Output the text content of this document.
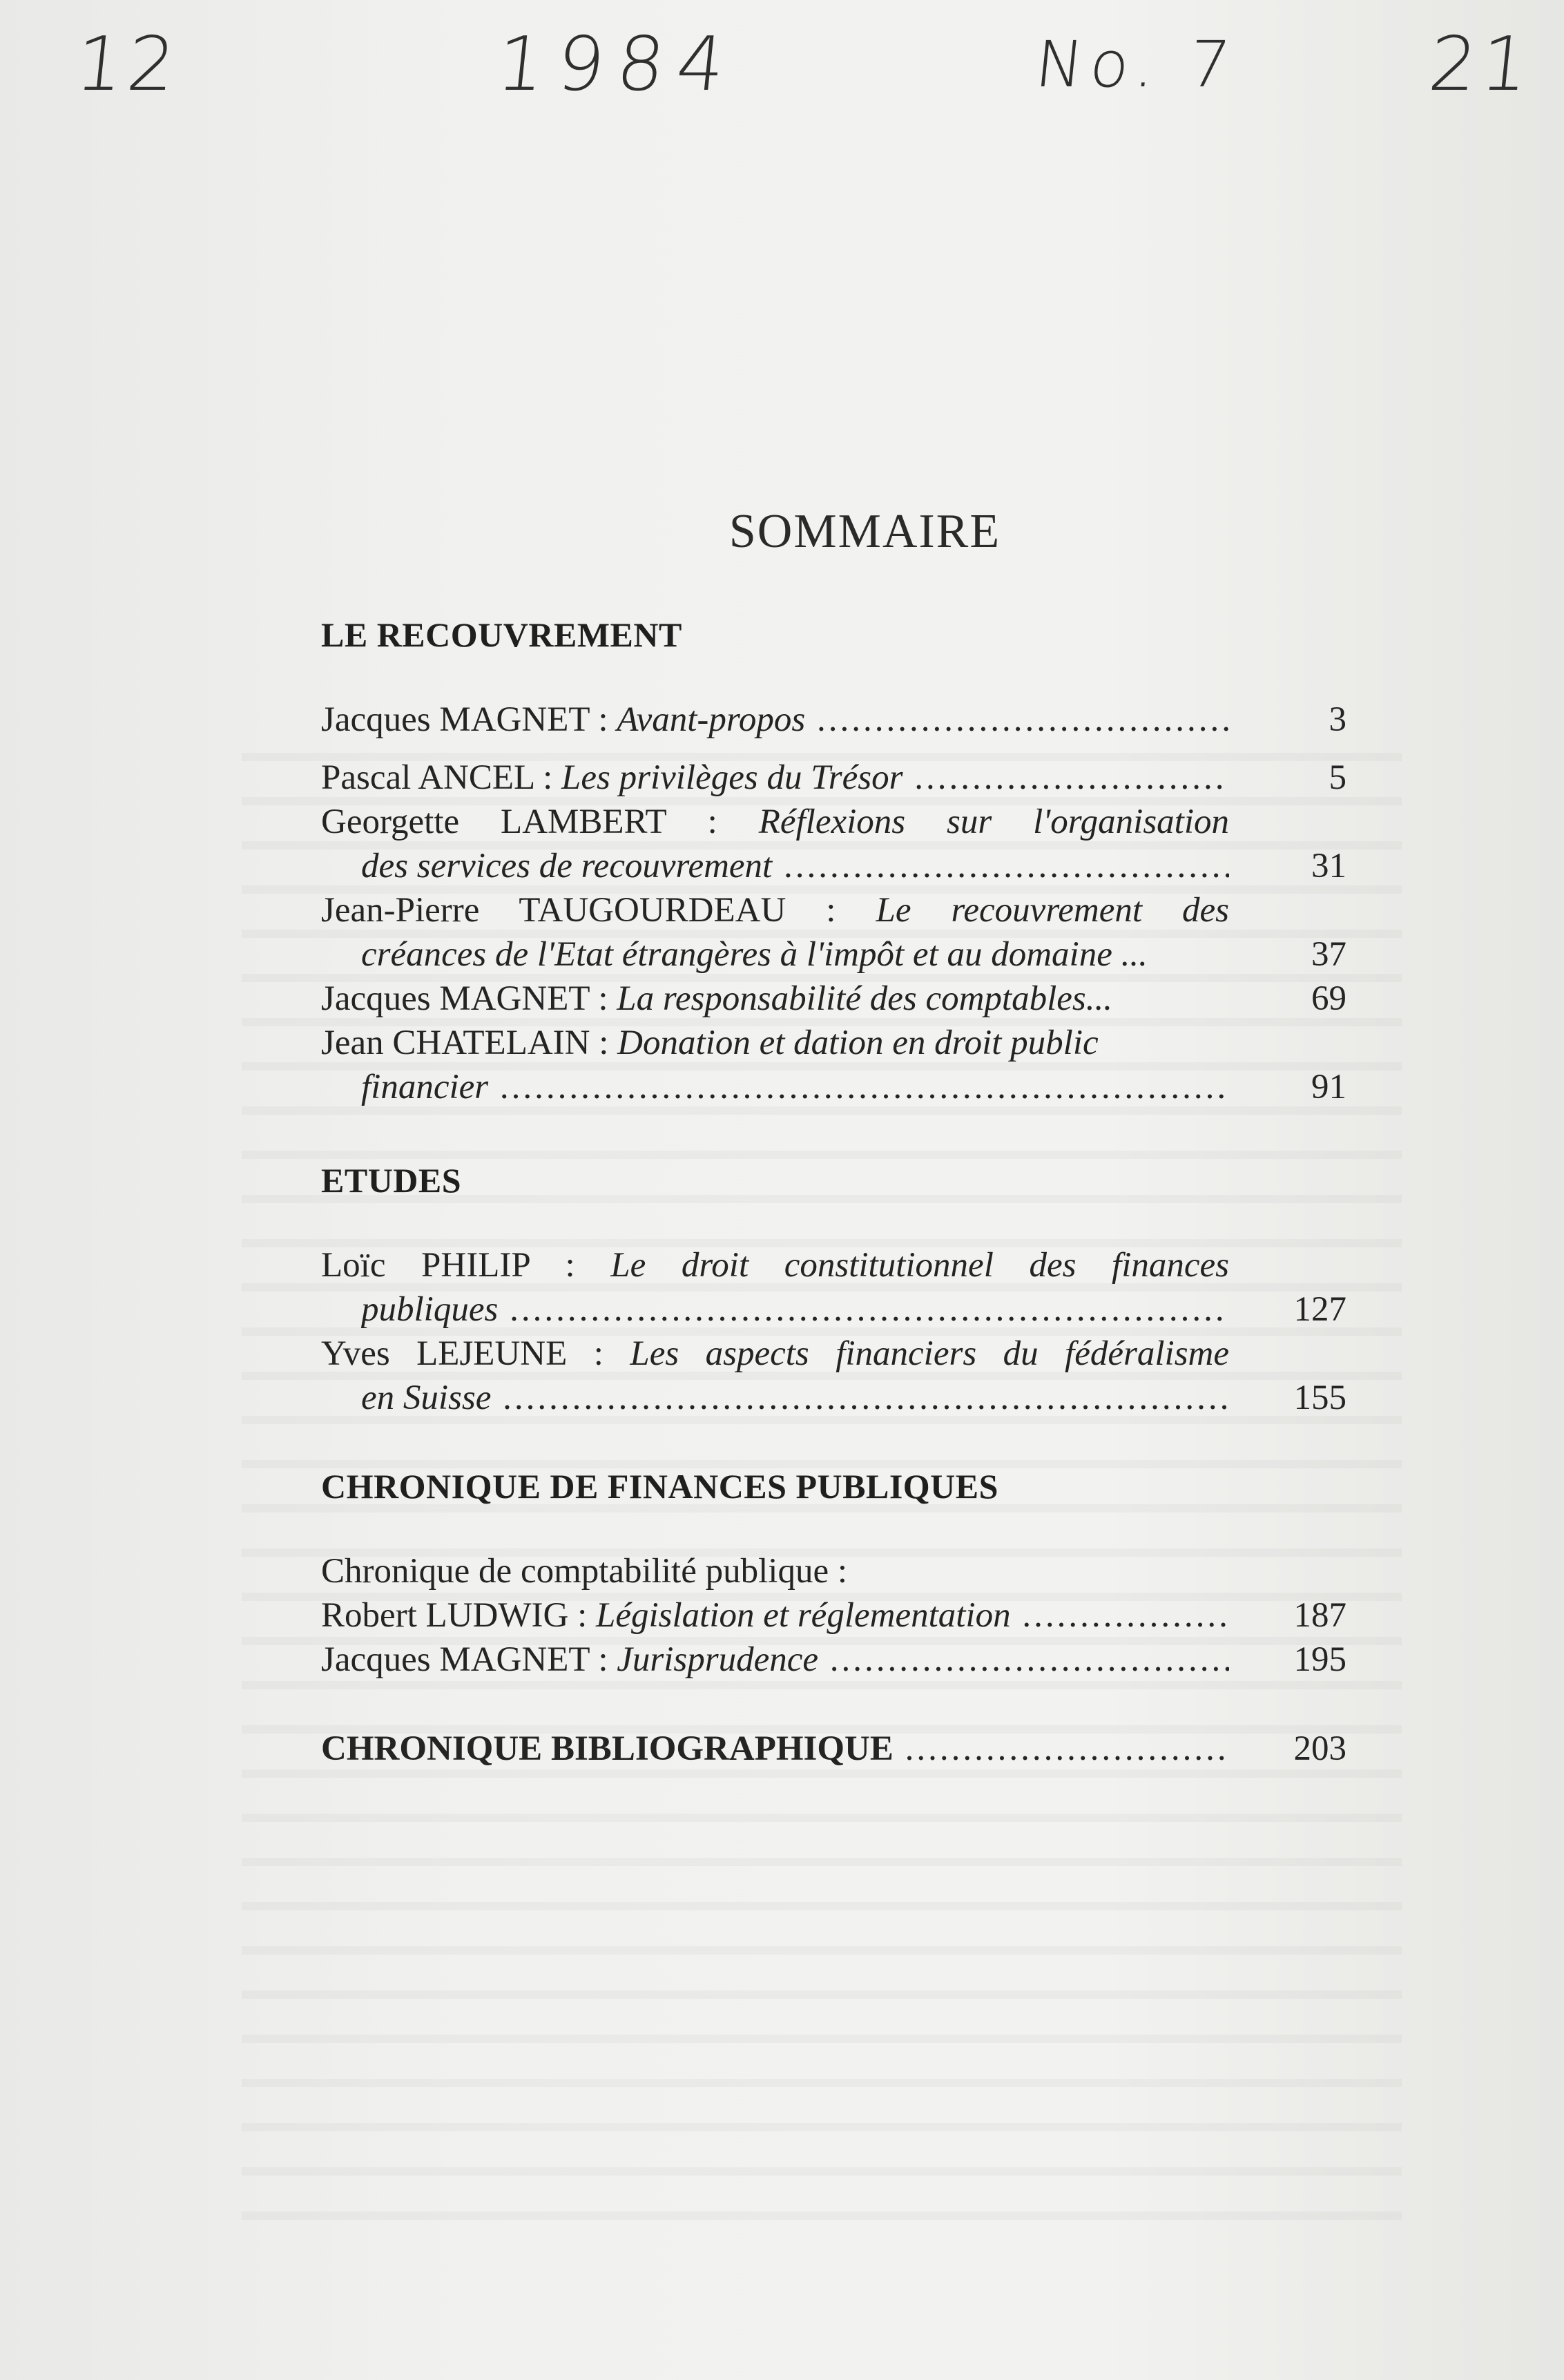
12	1984	No. 7 21
SOMMAIRE
LE RECOUVREMENT
Jacques MAGNET : Avant-propos .....	3
Pascal ANCEL : Les privilèges du Trésor .....	5
Georgette LAMBERT : Réflexions sur l'organisation
des services de recouvrement .....	31
Jean-Pierre TAUGOURDEAU : Le recouvrement des
créances de l'Etat étrangères à l'impôt et au domaine ...	37
Jacques MAGNET : La responsabilité des comptables...	69
Jean CHATELAIN : Donation et dation en droit public
financier .....	91
ETUDES
Loïc PHILIP : Le droit constitutionnel des finances
publiques .....	127
Yves LEJEUNE : Les aspects financiers du fédéralisme
en Suisse .....	155
CHRONIQUE DE FINANCES PUBLIQUES
Chronique de comptabilité publique :
Robert LUDWIG : Législation et réglementation .....	187
Jacques MAGNET : Jurisprudence .....	195
CHRONIQUE BIBLIOGRAPHIQUE .....	203
